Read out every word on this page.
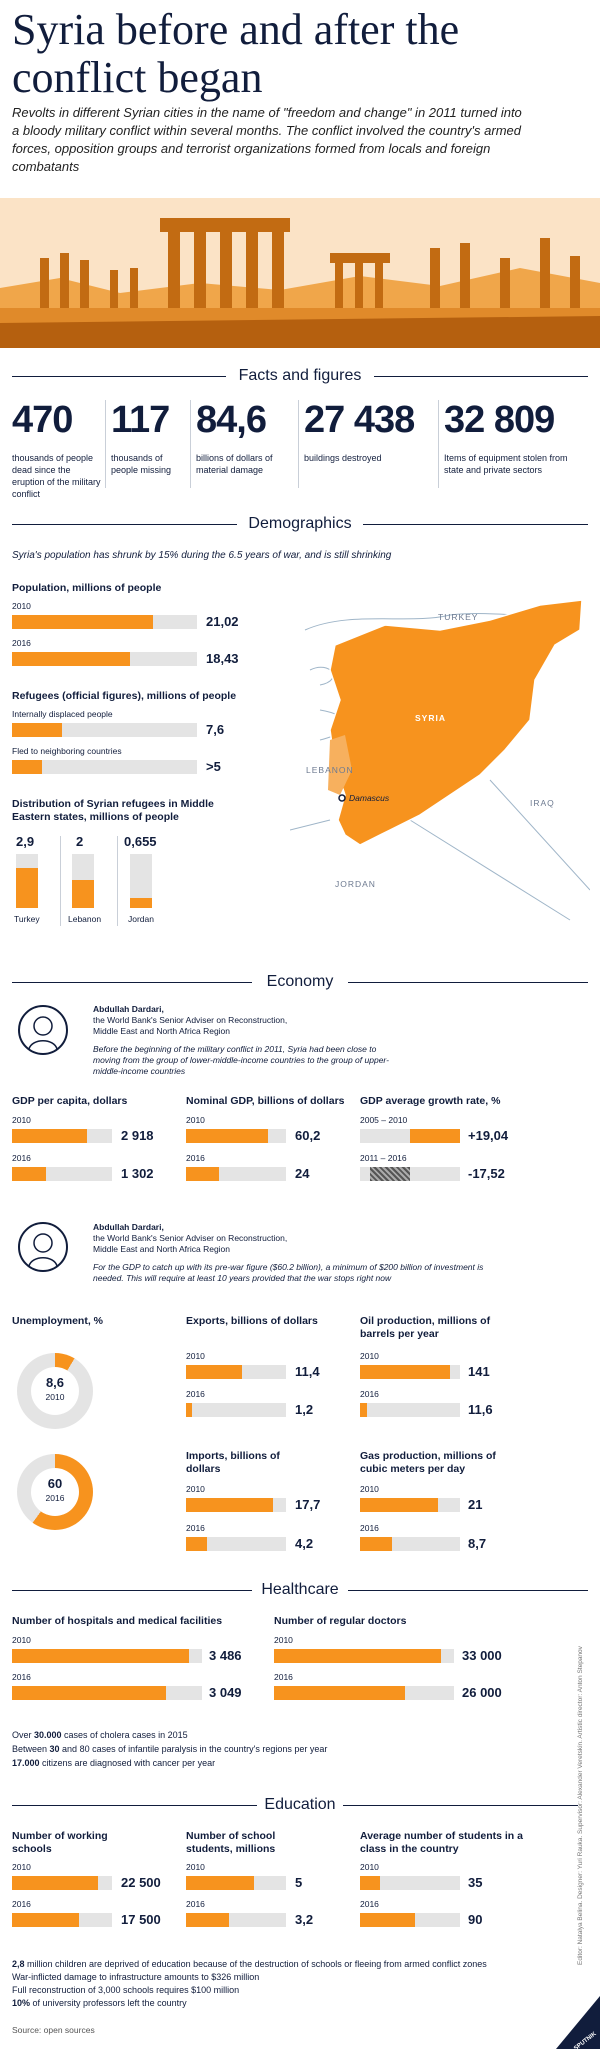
Syria before and after the conflict began

Revolts in different Syrian cities in the name of "freedom and change" in 2011 turned into a bloody military conflict within several months. The conflict involved the country's armed forces, opposition groups and terrorist organizations formed from locals and foreign combatants

Facts and figures
470
thousands of people dead since the eruption of the military conflict
117
thousands of people missing
84,6
billions of dollars of material damage
27 438
buildings destroyed
32 809
Items of equipment stolen from state and private sectors
Demographics
Syria's population has shrunk by 15% during the 6.5 years of war, and is still shrinking
Population, millions of people
2010
21,02
2016
18,43
Refugees (official figures), millions of people
Internally displaced people
7,6
Fled to neighboring countries
>5
Distribution of Syrian refugees in Middle Eastern states, millions of people
2,9
Turkey
2
Lebanon
0,655
Jordan
TURKEY
SYRIA
LEBANON
Damascus	IRAQ
JORDAN
Economy
Abdullah Dardari,
the World Bank's Senior Adviser on Reconstruction, Middle East and North Africa Region
Before the beginning of the military conflict in 2011, Syria had been close to moving from the group of lower-middle-income countries to the group of upper-middle-income countries
GDP per capita, dollars
2010
2 918
2016
1 302
Nominal GDP, billions of dollars
2010
60,2
2016
24
GDP average growth rate, %
2005 – 2010
+19,04
2011 – 2016
-17,52
Abdullah Dardari,
the World Bank's Senior Adviser on Reconstruction, Middle East and North Africa Region
For the GDP to catch up with its pre-war figure ($60.2 billion), a minimum of $200 billion of investment is needed. This will require at least 10 years provided that the war stops right now
Unemployment, %
8,6
2010
60
2016
Exports, billions of dollars
2010
11,4
2016
1,2
Imports, billions of dollars
2010
17,7
2016
4,2
Oil production, millions of barrels per year
2010
141
2016
11,6
Gas production, millions of cubic meters per day
2010
21
2016
8,7
Healthcare
Number of hospitals and medical facilities
2010
3 486
2016
3 049
Number of regular doctors
2010
33 000
2016
26 000
Over 30.000 cases of cholera cases in 2015
Between 30 and 80 cases of infantile paralysis in the country's regions per year
17.000 citizens are diagnosed with cancer per year
Education
Number of working schools
2010
22 500
2016
17 500
Number of school students, millions
2010
5
2016
3,2
Average number of students in a class in the country
2010
35
2016
90
2,8 million children are deprived of education because of the destruction of schools or fleeing from armed conflict zones
War-inflicted damage to infrastructure amounts to $326 million
Full reconstruction of 3,000 schools requires $100 million
10% of university professors left the country
Source: open sources
Editor: Natalya Belina. Designer: Yuri Rauka. Supervisor: Alexander Veretskin. Artistic director: Anton Stepanov
SPUTNIK
